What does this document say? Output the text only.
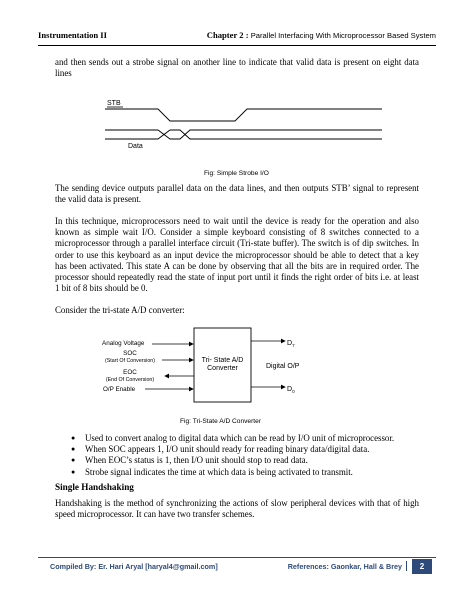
Instrumentation II	Chapter 2 : Parallel Interfacing With Microprocessor Based System
and then sends out a strobe signal on another line to indicate that valid data is present on eight data lines
STB
Data
Fig: Simple Strobe I/O
The sending device outputs parallel data on the data lines, and then outputs STB’ signal to represent the valid data is present.
In this technique, microprocessors need to wait until the device is ready for the operation and also known as simple wait I/O. Consider a simple keyboard consisting of 8 switches connected to a microprocessor through a parallel interface circuit (Tri-state buffer). The switch is of dip switches. In order to use this keyboard as an input device the microprocessor should be able to detect that a key has been activated. This state A can be done by observing that all the bits are in required order. The processor should repeatedly read the state of input port until it finds the right order of bits i.e. at least 1 bit of 8 bits should be 0.
Consider the tri-state A/D converter:
Tri- State A/D
Converter
Analog Voltage
SOC
(Start Of Conversion)
EOC
(End Of Conversion)
O/P Enable
$D_7$
Digital O/P
$D_0$
Fig: Tri-State A/D Converter
● Used to convert analog to digital data which can be read by I/O unit of microprocessor.
● When SOC appears 1, I/O unit should ready for reading binary data/digital data.
● When EOC’s status is 1, then I/O unit should stop to read data.
● Strobe signal indicates the time at which data is being activated to transmit.
Single Handshaking
Handshaking is the method of synchronizing the actions of slow peripheral devices with that of high speed microprocessor. It can have two transfer schemes.
Compiled By: Er. Hari Aryal [haryal4@gmail.com]	References: Gaonkar, Hall & Brey	2
